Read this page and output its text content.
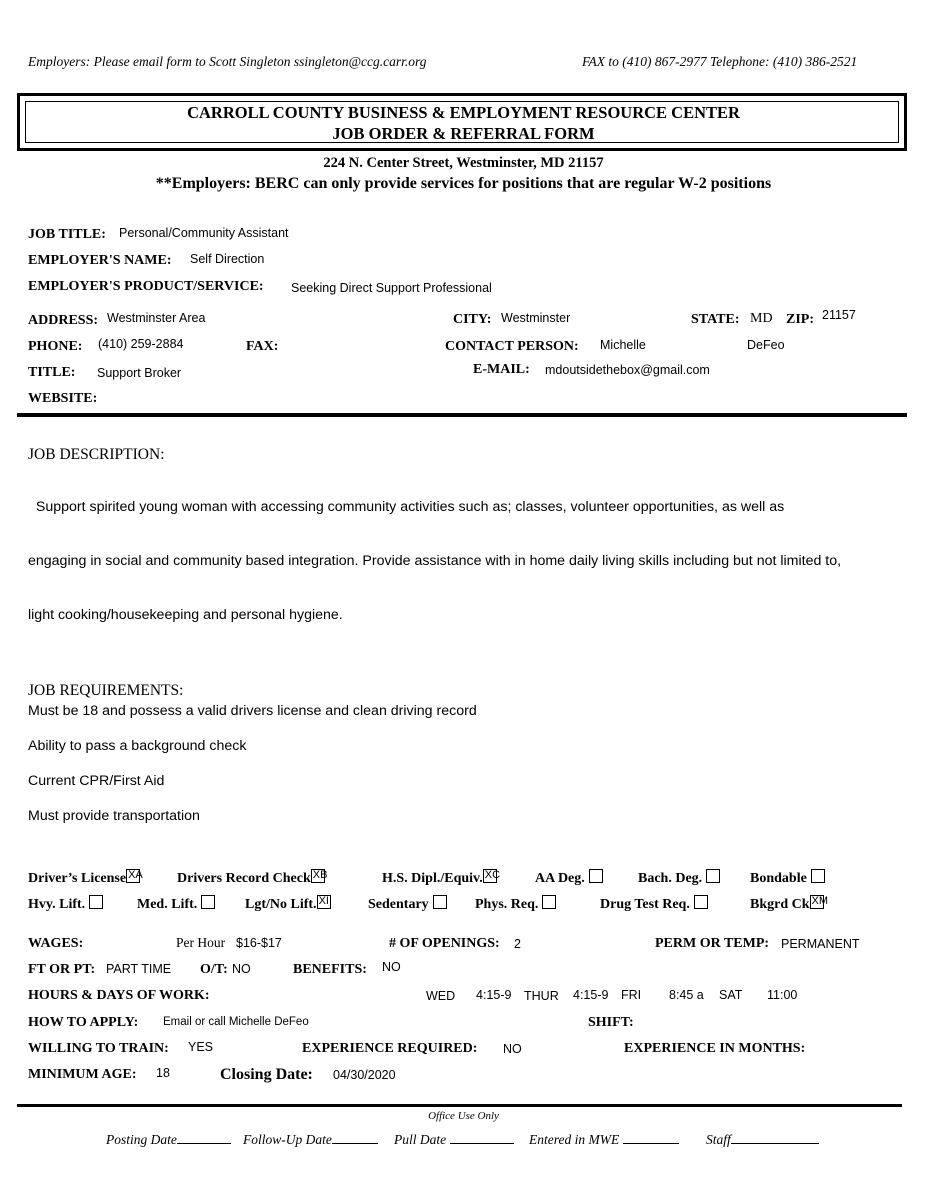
Employers: Please email form to Scott Singleton ssingleton@ccg.carr.org	FAX to (410) 867-2977 Telephone: (410) 386-2521
CARROLL COUNTY BUSINESS & EMPLOYMENT RESOURCE CENTER
JOB ORDER & REFERRAL FORM
224 N. Center Street, Westminster, MD 21157
**Employers: BERC can only provide services for positions that are regular W-2 positions
JOB TITLE: Personal/Community Assistant
EMPLOYER'S NAME: Self Direction
EMPLOYER'S PRODUCT/SERVICE: Seeking Direct Support Professional
ADDRESS: Westminster Area	CITY: Westminster	STATE: MD ZIP: 21157
PHONE: (410) 259-2884	FAX:	CONTACT PERSON: Michelle	DeFeo
TITLE: Support Broker	E-MAIL: mdoutsidethebox@gmail.com
WEBSITE:
JOB DESCRIPTION:

Support spirited young woman with accessing community activities such as; classes, volunteer opportunities, as well as

engaging in social and community based integration. Provide assistance with in home daily living skills including but not limited to,

light cooking/housekeeping and personal hygiene.

JOB REQUIREMENTS:
Must be 18 and possess a valid drivers license and clean driving record
Ability to pass a background check
Current CPR/First Aid
Must provide transportation
Driver’s License XA Drivers Record Check XB	H.S. Dipl./Equiv. XC AA Deg.	Bach. Deg.	Bondable
Hvy. Lift.	Med. Lift.	Lgt/No Lift. XI	Sedentary	Phys. Req.	Drug Test Req.	Bkgrd Ck XM
WAGES:	Per Hour $16-$17	# OF OPENINGS: 2	PERM OR TEMP: PERMANENT
FT OR PT: PART TIME O/T: NO	BENEFITS: NO
HOURS & DAYS OF WORK:	WED 4:15-9 THUR 4:15-9 FRI 8:45 a SAT 11:00
HOW TO APPLY: Email or call Michelle DeFeo	SHIFT:
WILLING TO TRAIN: YES	EXPERIENCE REQUIRED: NO	EXPERIENCE IN MONTHS:
MINIMUM AGE: 18	Closing Date: 04/30/2020
Office Use Only
Posting Date	Follow-Up Date	Pull Date	Entered in MWE	Staff
